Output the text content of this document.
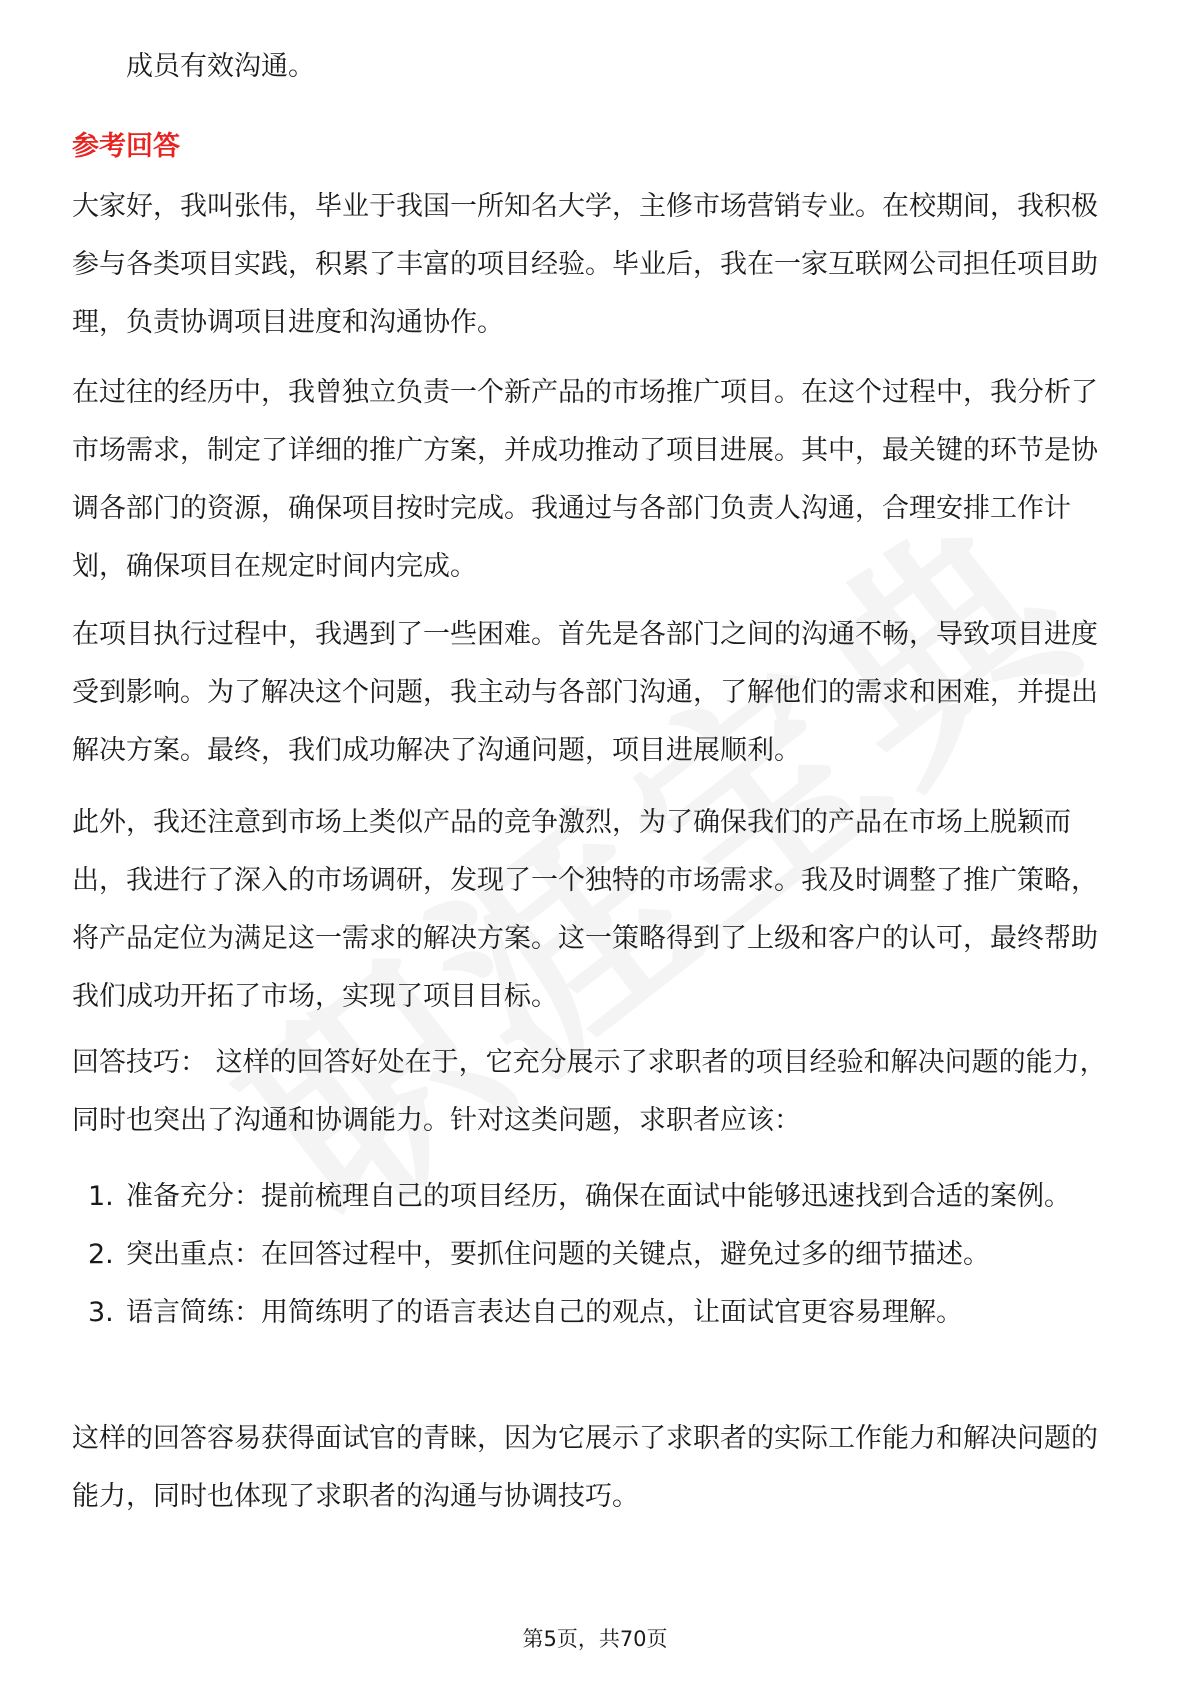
成员有效沟通。

参考回答

大家好，我叫张伟，毕业于我国一所知名大学，主修市场营销专业。在校期间，我积极参与各类项目实践，积累了丰富的项目经验。毕业后，我在一家互联网公司担任项目助理，负责协调项目进度和沟通协作。

在过往的经历中，我曾独立负责一个新产品的市场推广项目。在这个过程中，我分析了市场需求，制定了详细的推广方案，并成功推动了项目进展。其中，最关键的环节是协调各部门的资源，确保项目按时完成。我通过与各部门负责人沟通，合理安排工作计划，确保项目在规定时间内完成。

在项目执行过程中，我遇到了一些困难。首先是各部门之间的沟通不畅，导致项目进度受到影响。为了解决这个问题，我主动与各部门沟通，了解他们的需求和困难，并提出解决方案。最终，我们成功解决了沟通问题，项目进展顺利。

此外，我还注意到市场上类似产品的竞争激烈，为了确保我们的产品在市场上脱颖而出，我进行了深入的市场调研，发现了一个独特的市场需求。我及时调整了推广策略，将产品定位为满足这一需求的解决方案。这一策略得到了上级和客户的认可，最终帮助我们成功开拓了市场，实现了项目目标。

回答技巧： 这样的回答好处在于，它充分展示了求职者的项目经验和解决问题的能力，同时也突出了沟通和协调能力。针对这类问题，求职者应该：

1. 准备充分：提前梳理自己的项目经历，确保在面试中能够迅速找到合适的案例。
2. 突出重点：在回答过程中，要抓住问题的关键点，避免过多的细节描述。
3. 语言简练：用简练明了的语言表达自己的观点，让面试官更容易理解。

这样的回答容易获得面试官的青睐，因为它展示了求职者的实际工作能力和解决问题的能力，同时也体现了求职者的沟通与协调技巧。

第5页，共70页
